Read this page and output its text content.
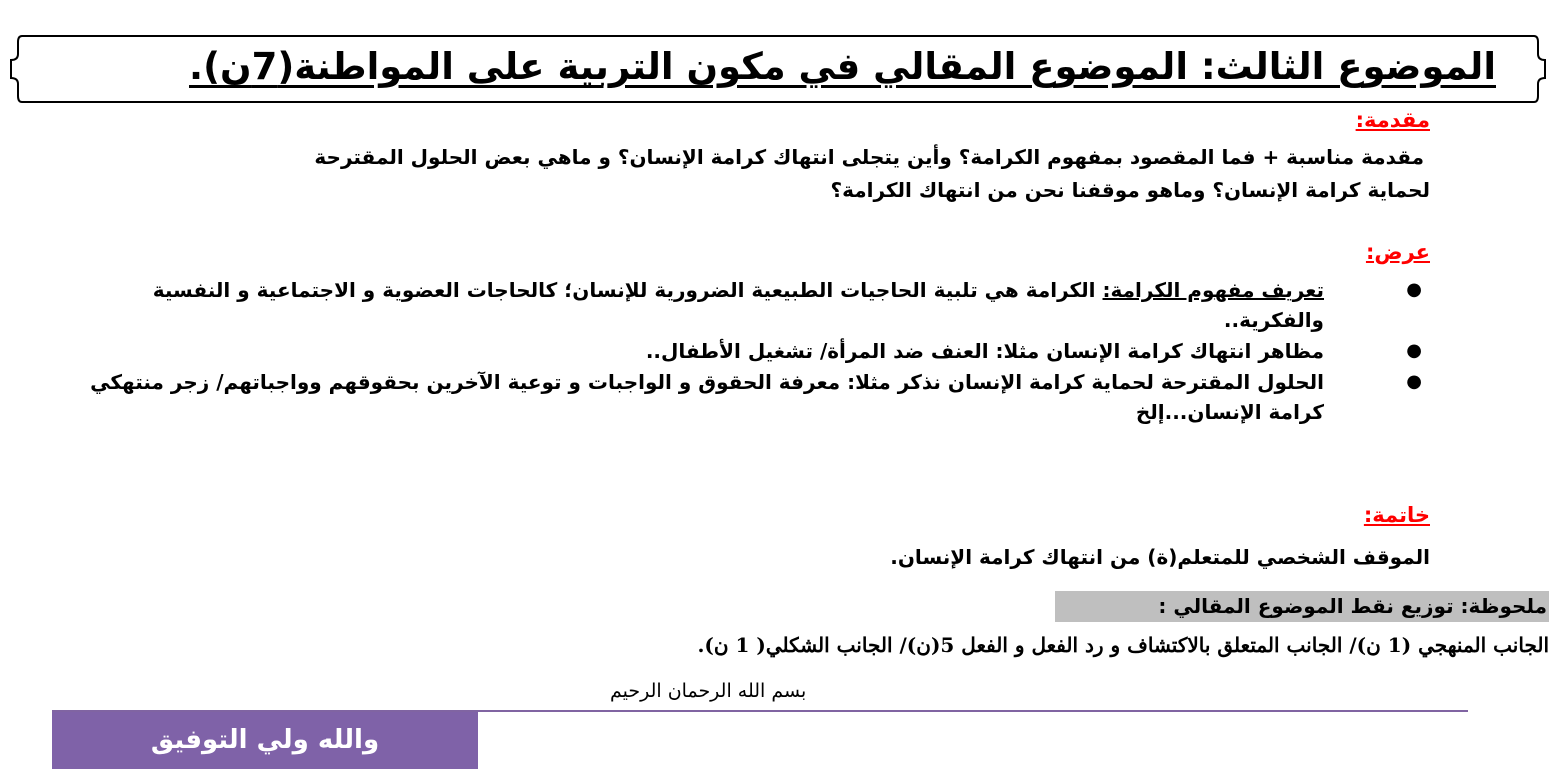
الموضوع الثالث: الموضوع المقالي في مكون التربية على المواطنة(7ن).
مقدمة:
مقدمة مناسبة + فما المقصود بمفهوم الكرامة؟ وأين يتجلى انتهاك كرامة الإنسان؟ و ماهي بعض الحلول المقترحة
لحماية كرامة الإنسان؟ وماهو موقفنا نحن من انتهاك الكرامة؟
عرض:
●
تعريف مفهوم الكرامة: الكرامة هي تلبية الحاجيات الطبيعية الضرورية للإنسان؛ كالحاجات العضوية و الاجتماعية و النفسية والفكرية..
●
مظاهر انتهاك كرامة الإنسان مثلا: العنف ضد المرأة/ تشغيل الأطفال..
●
الحلول المقترحة لحماية كرامة الإنسان نذكر مثلا: معرفة الحقوق و الواجبات و توعية الآخرين بحقوقهم وواجباتهم/ زجر منتهكي كرامة الإنسان...إلخ
خاتمة:
الموقف الشخصي للمتعلم(ة) من انتهاك كرامة الإنسان.
ملحوظة: توزيع نقط الموضوع المقالي :
الجانب المنهجي (1 ن)/ الجانب المتعلق بالاكتشاف و رد الفعل و الفعل 5(ن)/ الجانب الشكلي( 1 ن).
بسم الله الرحمان الرحيم
والله ولي التوفيق
